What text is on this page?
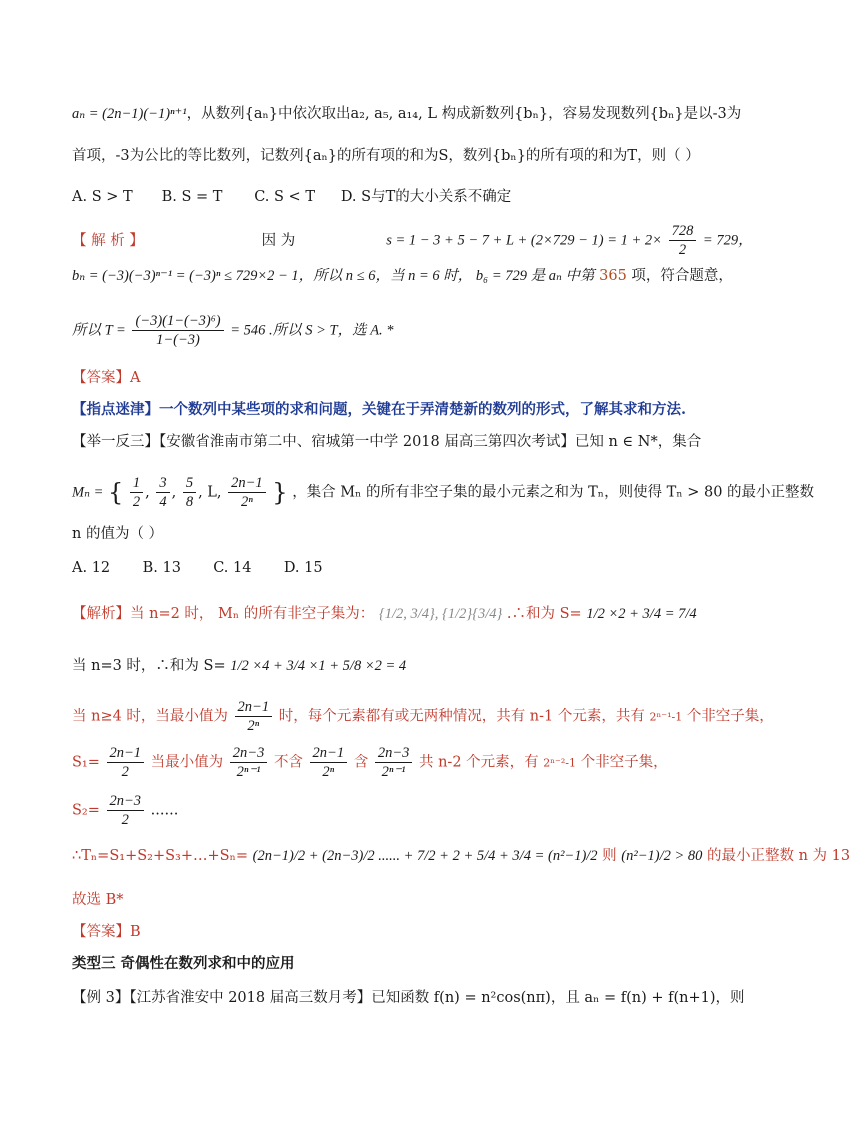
aₙ = (2n−1)(−1)ⁿ⁺¹，从数列{aₙ}中依次取出a₂, a₅, a₁₄, L 构成新数列{bₙ}，容易发现数列{bₙ}是以-3为
首项，-3为公比的等比数列，记数列{aₙ}的所有项的和为S，数列{bₙ}的所有项的和为T，则（ ）
A. S > T B. S = T C. S < T D. S与T的大小关系不确定
【 解 析 】	因 为	$s = 1 - 3 + 5 - 7 + L + (2\times 729 - 1) = 1 + 2\times \frac{728}{2} = 729$，
bₙ = (−3)(−3)ⁿ⁻¹ = (−3)ⁿ ≤ 729×2 − 1，所以 n ≤ 6，当 n = 6 时， b₆ = 729 是 aₙ 中第 365 项，符合题意，
所以 $T = \frac{\text{(−3)(1−(−3)⁶)}}{1-(-3)} = 546$ .所以 S > T，选 A. *
【答案】A
【指点迷津】一个数列中某些项的求和问题，关键在于弄清楚新的数列的形式，了解其求和方法.
【举一反三】【安徽省淮南市第二中、宿城第一中学 2018 届高三第四次考试】已知 n ∈ N*，集合
Mₙ = { $\frac{1}{2}$ , $\frac{3}{4}$ , $\frac{5}{8}$ , L, $\frac{2n-1}{\text{2ⁿ}}$ } ，集合 Mₙ 的所有非空子集的最小元素之和为 Tₙ，则使得 Tₙ > 80 的最小正整数
n 的值为（ ）
A. 12 B. 13 C. 14 D. 15
【解析】当 n=2 时， Mₙ 的所有非空子集为： {1/2, 3/4}, {1/2}{3/4} .∴和为 S= 1/2 ×2 + 3/4 = 7/4
当 n=3 时，∴和为 S= 1/2 ×4 + 3/4 ×1 + 5/8 ×2 = 4
当 n≥4 时，当最小值为 $\frac{2n-1}{\text{2ⁿ}}$ 时，每个元素都有或无两种情况，共有 n-1 个元素，共有 2ⁿ⁻¹-1 个非空子集，
$S_1= \frac{2n-1}{2}$ 当最小值为 $\frac{2n-3}{\text{2ⁿ⁻¹}}$ 不含 $\frac{2n-1}{\text{2ⁿ}}$ 含 $\frac{2n-3}{\text{2ⁿ⁻¹}}$ 共 n-2 个元素，有 2ⁿ⁻²-1 个非空子集，
$S_2= \frac{2n-3}{2}$ ......
∴Tₙ=S₁+S₂+S₃+…+Sₙ= (2n−1)/2 + (2n−3)/2 ...... + 7/2 + 2 + 5/4 + 3/4 = (n²−1)/2 则 (n²−1)/2 > 80 的最小正整数 n 为 13
故选 B*
【答案】B
类型三 奇偶性在数列求和中的应用
【例 3】【江苏省淮安中 2018 届高三数月考】已知函数 f(n) = n²cos(nπ)，且 aₙ = f(n) + f(n+1)，则
